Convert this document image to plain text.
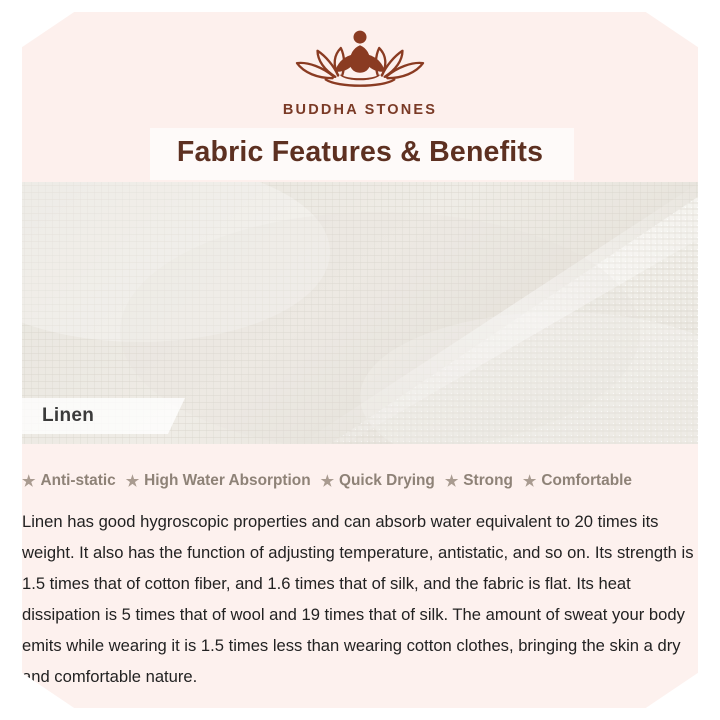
BUDDHA STONES
Fabric Features & Benefits
Linen
★ Anti-static ★ High Water Absorption ★ Quick Drying ★ Strong ★ Comfortable
Linen has good hygroscopic properties and can absorb water equivalent to 20 times its weight. It also has the function of adjusting temperature, antistatic, and so on. Its strength is 1.5 times that of cotton fiber, and 1.6 times that of silk, and the fabric is flat. Its heat dissipation is 5 times that of wool and 19 times that of silk. The amount of sweat your body emits while wearing it is 1.5 times less than wearing cotton clothes, bringing the skin a dry and comfortable nature.
